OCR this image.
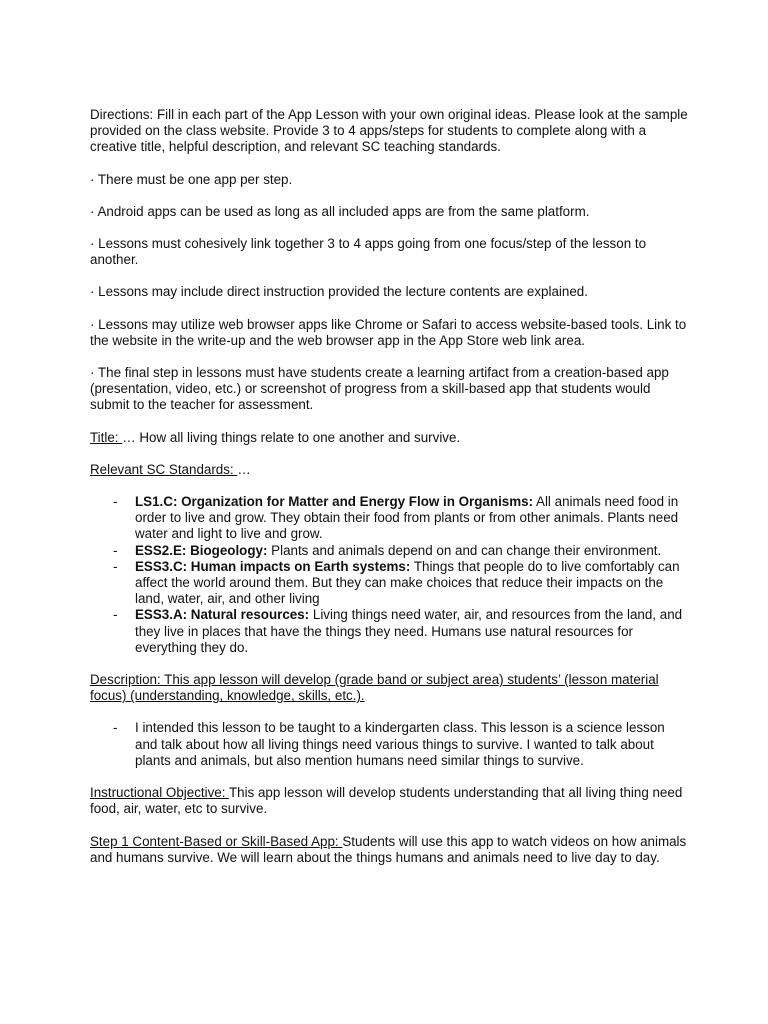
Directions: Fill in each part of the App Lesson with your own original ideas. Please look at the sample provided on the class website. Provide 3 to 4 apps/steps for students to complete along with a creative title, helpful description, and relevant SC teaching standards.

· There must be one app per step.

· Android apps can be used as long as all included apps are from the same platform.

· Lessons must cohesively link together 3 to 4 apps going from one focus/step of the lesson to another.

· Lessons may include direct instruction provided the lecture contents are explained.

· Lessons may utilize web browser apps like Chrome or Safari to access website-based tools. Link to the website in the write-up and the web browser app in the App Store web link area.

· The final step in lessons must have students create a learning artifact from a creation-based app (presentation, video, etc.) or screenshot of progress from a skill-based app that students would submit to the teacher for assessment.

Title: … How all living things relate to one another and survive.

Relevant SC Standards: …

- LS1.C: Organization for Matter and Energy Flow in Organisms: All animals need food in order to live and grow. They obtain their food from plants or from other animals. Plants need water and light to live and grow.
- ESS2.E: Biogeology: Plants and animals depend on and can change their environment.
- ESS3.C: Human impacts on Earth systems: Things that people do to live comfortably can affect the world around them. But they can make choices that reduce their impacts on the land, water, air, and other living
- ESS3.A: Natural resources: Living things need water, air, and resources from the land, and they live in places that have the things they need. Humans use natural resources for everything they do.

Description: This app lesson will develop (grade band or subject area) students’ (lesson material focus) (understanding, knowledge, skills, etc.).

- I intended this lesson to be taught to a kindergarten class. This lesson is a science lesson and talk about how all living things need various things to survive. I wanted to talk about plants and animals, but also mention humans need similar things to survive.

Instructional Objective: This app lesson will develop students understanding that all living thing need food, air, water, etc to survive.

Step 1 Content-Based or Skill-Based App: Students will use this app to watch videos on how animals and humans survive. We will learn about the things humans and animals need to live day to day.
